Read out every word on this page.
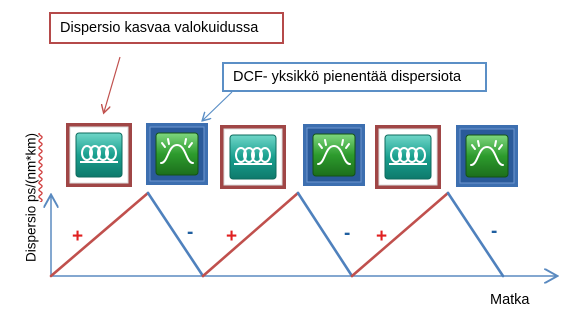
Dispersio kasvaa valokuidussa
DCF- yksikkö pienentää dispersiota
Dispersio ps/(nm*km)
Matka
+	- +	- +	-
